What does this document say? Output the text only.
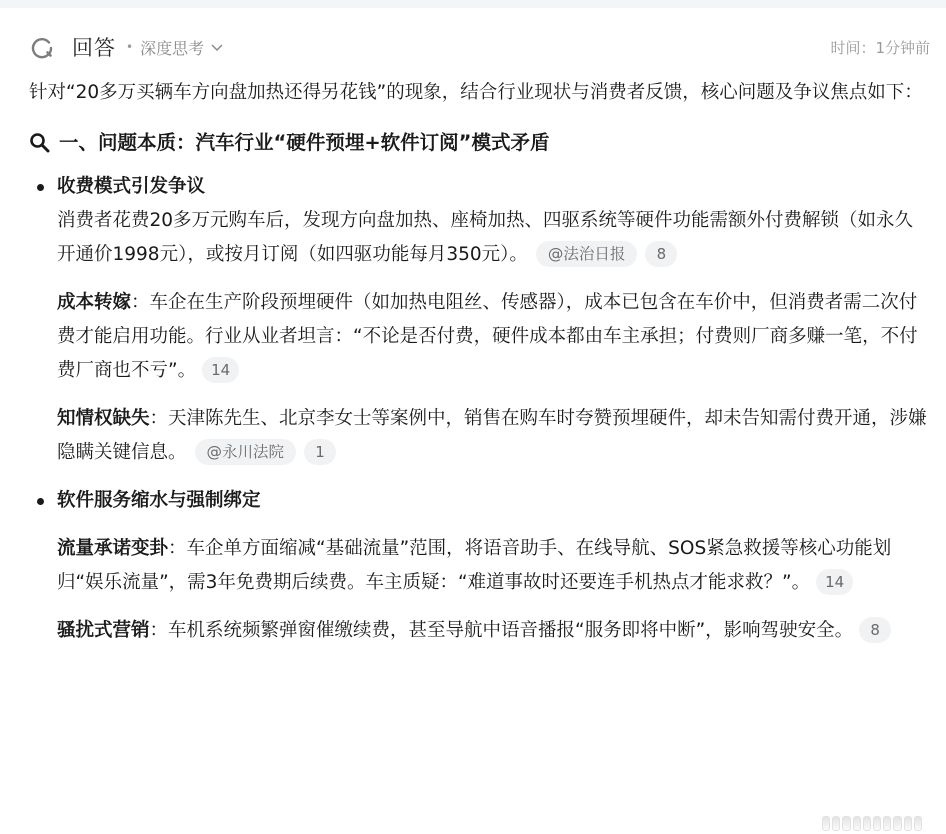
回答 • 深度思考	时间：1分钟前

针对“20多万买辆车方向盘加热还得另花钱”的现象，结合行业现状与消费者反馈，核心问题及争议焦点如下：

一、问题本质：汽车行业“硬件预埋+软件订阅”模式矛盾
收费模式引发争议

消费者花费20多万元购车后，发现方向盘加热、座椅加热、四驱系统等硬件功能需额外付费解锁（如永久开通价1998元），或按月订阅（如四驱功能每月350元）。 @法治日报 8

成本转嫁：车企在生产阶段预埋硬件（如加热电阻丝、传感器），成本已包含在车价中，但消费者需二次付费才能启用功能。行业从业者坦言：“不论是否付费，硬件成本都由车主承担；付费则厂商多赚一笔，不付费厂商也不亏”。 14

知情权缺失：天津陈先生、北京李女士等案例中，销售在购车时夸赞预埋硬件，却未告知需付费开通，涉嫌隐瞒关键信息。 @永川法院 1

软件服务缩水与强制绑定

流量承诺变卦：车企单方面缩减“基础流量”范围，将语音助手、在线导航、SOS紧急救援等核心功能划归“娱乐流量”，需3年免费期后续费。车主质疑：“难道事故时还要连手机热点才能求救？”。 14

骚扰式营销：车机系统频繁弹窗催缴续费，甚至导航中语音播报“服务即将中断”，影响驾驶安全。 8
